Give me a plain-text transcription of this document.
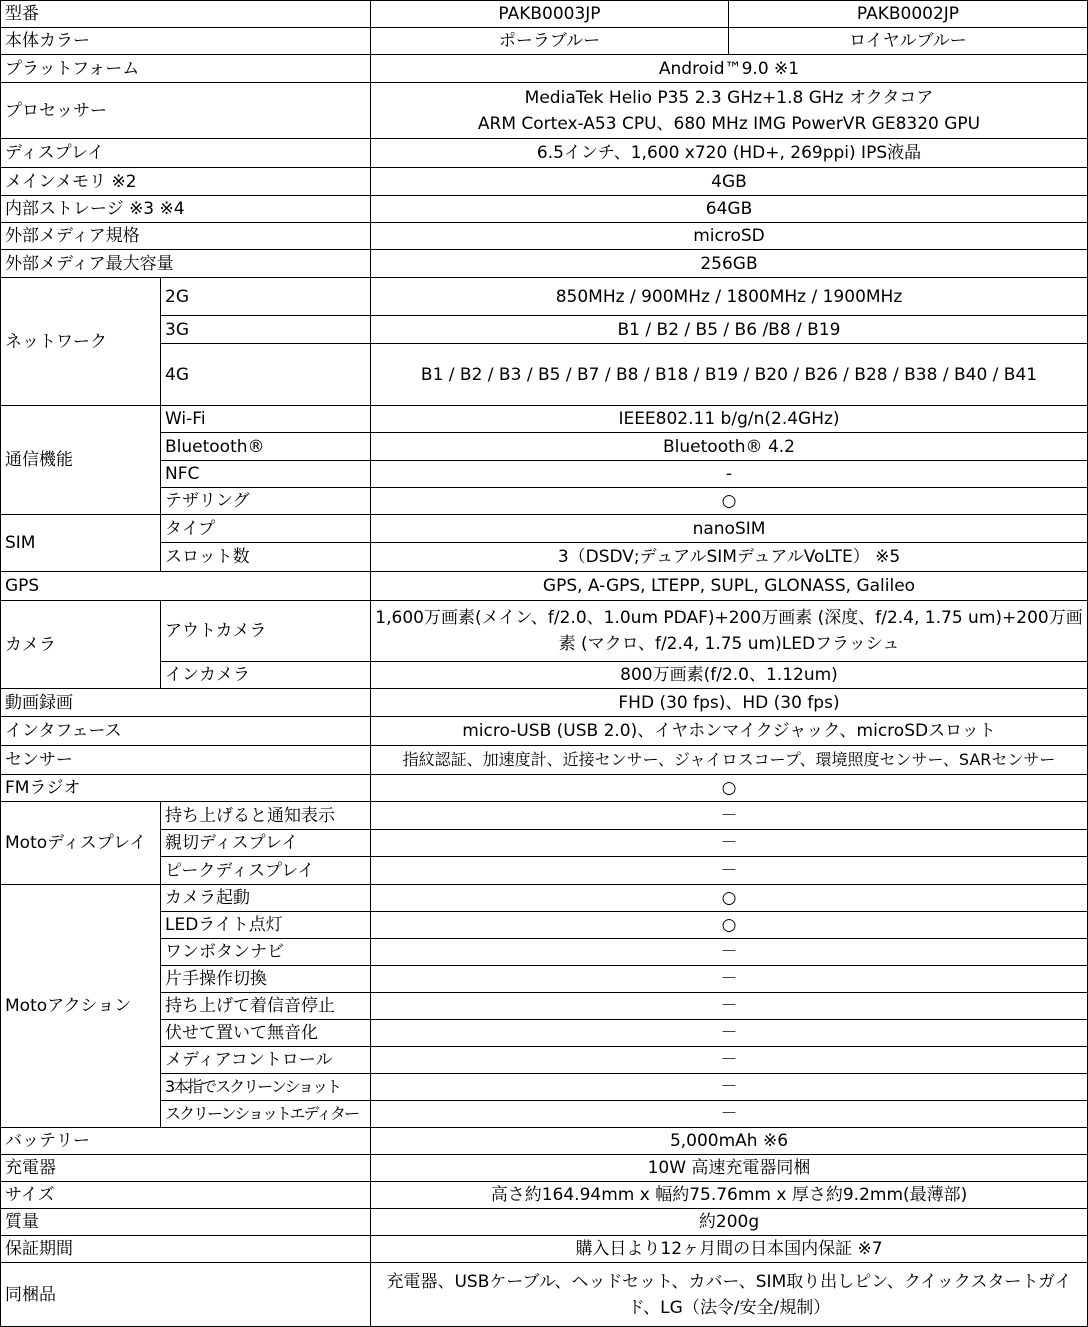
型番		PAKB0003JP	PAKB0002JP
本体カラー		ポーラブルー	ロイヤルブルー
プラットフォーム		Android™9.0 ※1	
プロセッサー		MediaTek Helio P35 2.3 GHz+1.8 GHz オクタコア
ARM Cortex-A53 CPU、680 MHz IMG PowerVR GE8320 GPU	
ディスプレイ		6.5インチ、1,600 x720 (HD+, 269ppi) IPS液晶	
メインメモリ ※2		4GB	
内部ストレージ ※3 ※4		64GB	
外部メディア規格		microSD	
外部メディア最大容量		256GB	
ネットワーク	2G	850MHz / 900MHz / 1800MHz / 1900MHz	
	3G	B1 / B2 / B5 / B6 /B8 / B19	
	4G	B1 / B2 / B3 / B5 / B7 / B8 / B18 / B19 / B20 / B26 / B28 / B38 / B40 / B41	
通信機能	Wi-Fi	IEEE802.11 b/g/n(2.4GHz)	
	Bluetooth®	Bluetooth® 4.2	
	NFC	-	
	テザリング	○	
SIM	タイプ	nanoSIM	
	スロット数	3（DSDV;デュアルSIMデュアルVoLTE） ※5	
GPS		GPS, A-GPS, LTEPP, SUPL, GLONASS, Galileo	
カメラ	アウトカメラ	1,600万画素(メイン、f/2.0、1.0um PDAF)+200万画素 (深度、f/2.4, 1.75 um)+200万画素 (マクロ、f/2.4, 1.75 um)LEDフラッシュ	
	インカメラ	800万画素(f/2.0、1.12um)	
動画録画		FHD (30 fps)、HD (30 fps)	
インタフェース		micro-USB (USB 2.0)、イヤホンマイクジャック、microSDスロット	
センサー		指紋認証、加速度計、近接センサー、ジャイロスコープ、環境照度センサー、SARセンサー	
FMラジオ		○	
Motoディスプレイ	持ち上げると通知表示	－	
	親切ディスプレイ	－	
	ピークディスプレイ	－	
Motoアクション	カメラ起動	○	
	LEDライト点灯	○	
	ワンボタンナビ	－	
	片手操作切換	－	
	持ち上げて着信音停止	－	
	伏せて置いて無音化	－	
	メディアコントロール	－	
	3本指でスクリーンショット	－	
	スクリーンショットエディター	－	
バッテリー		5,000mAh ※6	
充電器		10W 高速充電器同梱	
サイズ		高さ約164.94mm x 幅約75.76mm x 厚さ約9.2mm(最薄部)	
質量		約200g	
保証期間		購入日より12ヶ月間の日本国内保証 ※7	
同梱品		充電器、USBケーブル、ヘッドセット、カバー、SIM取り出しピン、クイックスタートガイド、LG（法令/安全/規制）	
